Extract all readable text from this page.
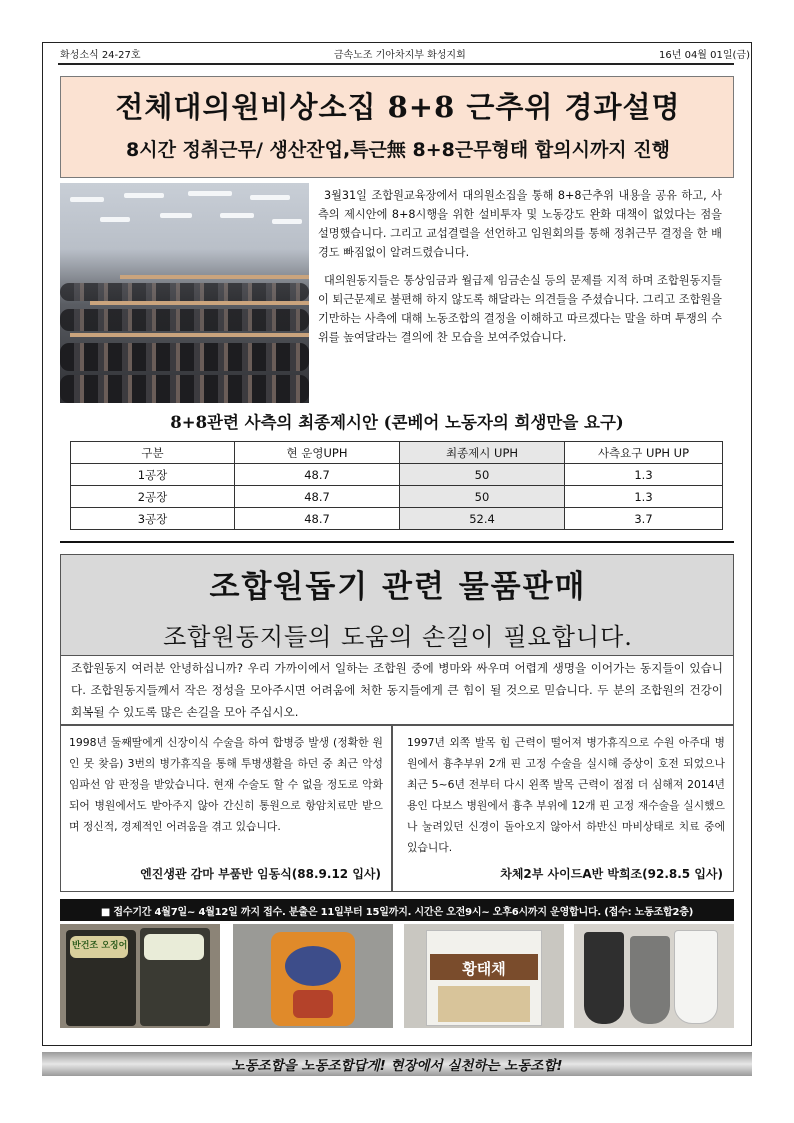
화성소식 24-27호	금속노조 기아차지부 화성지회	16년 04월 01일(금)
전체대의원비상소집 8+8 근추위 경과설명
8시간 정취근무/ 생산잔업,특근無 8+8근무형태 합의시까지 진행

3월31일 조합원교육장에서 대의원소집을 통해 8+8근추위 내용을 공유 하고, 사측의 제시안에 8+8시행을 위한 설비투자 및 노동강도 완화 대책이 없었다는 점을 설명했습니다. 그리고 교섭결렬을 선언하고 임원회의를 통해 정취근무 결정을 한 배경도 빠짐없이 알려드렸습니다.

대의원동지들은 통상임금과 월급제 임금손실 등의 문제를 지적 하며 조합원동지들이 퇴근문제로 불편해 하지 않도록 해달라는 의견들을 주셨습니다. 그리고 조합원을 기만하는 사측에 대해 노동조합의 결정을 이해하고 따르겠다는 말을 하며 투쟁의 수위를 높여달라는 결의에 찬 모습을 보여주었습니다.

8+8관련 사측의 최종제시안 (콘베어 노동자의 희생만을 요구)
구분	현 운영UPH	최종제시 UPH	사측요구 UPH UP
1공장	48.7	50	1.3
2공장	48.7	50	1.3
3공장	48.7	52.4	3.7
조합원돕기 관련 물품판매
조합원동지들의 도움의 손길이 필요합니다.
조합원동지 여러분 안녕하십니까? 우리 가까이에서 일하는 조합원 중에 병마와 싸우며 어렵게 생명을 이어가는 동지들이 있습니다. 조합원동지들께서 작은 정성을 모아주시면 어려움에 처한 동지들에게 큰 힘이 될 것으로 믿습니다. 두 분의 조합원의 건강이 회복될 수 있도록 많은 손길을 모아 주십시오.
1998년 둘째딸에게 신장이식 수술을 하여 합병증 발생 (정확한 원인 못 찾음) 3번의 병가휴직을 통해 투병생활을 하던 중 최근 악성 임파선 암 판정을 받았습니다. 현재 수술도 할 수 없을 정도로 악화되어 병원에서도 받아주지 않아 간신히 통원으로 항암치료만 받으며 정신적, 경제적인 어려움을 겪고 있습니다.
엔진생관 감마 부품반 임동식(88.9.12 입사)
1997년 외쪽 발목 힘 근력이 떨어져 병가휴직으로 수원 아주대 병원에서 흉추부위 2개 핀 고정 수술을 실시해 증상이 호전 되었으나 최근 5~6년 전부터 다시 왼쪽 발목 근력이 점점 더 심해져 2014년 용인 다보스 병원에서 흉추 부위에 12개 핀 고정 재수술을 실시했으나 눌려있던 신경이 돌아오지 않아서 하반신 마비상태로 치료 중에 있습니다.
차체2부 사이드A반 박희조(92.8.5 입사)
■ 접수기간 4월7일~ 4월12일 까지 접수. 분출은 11일부터 15일까지. 시간은 오전9시~ 오후6시까지 운영합니다. (접수: 노동조합2층)
반건조 오징어
황태채
노동조합을 노동조합답게! 현장에서 실천하는 노동조합!
